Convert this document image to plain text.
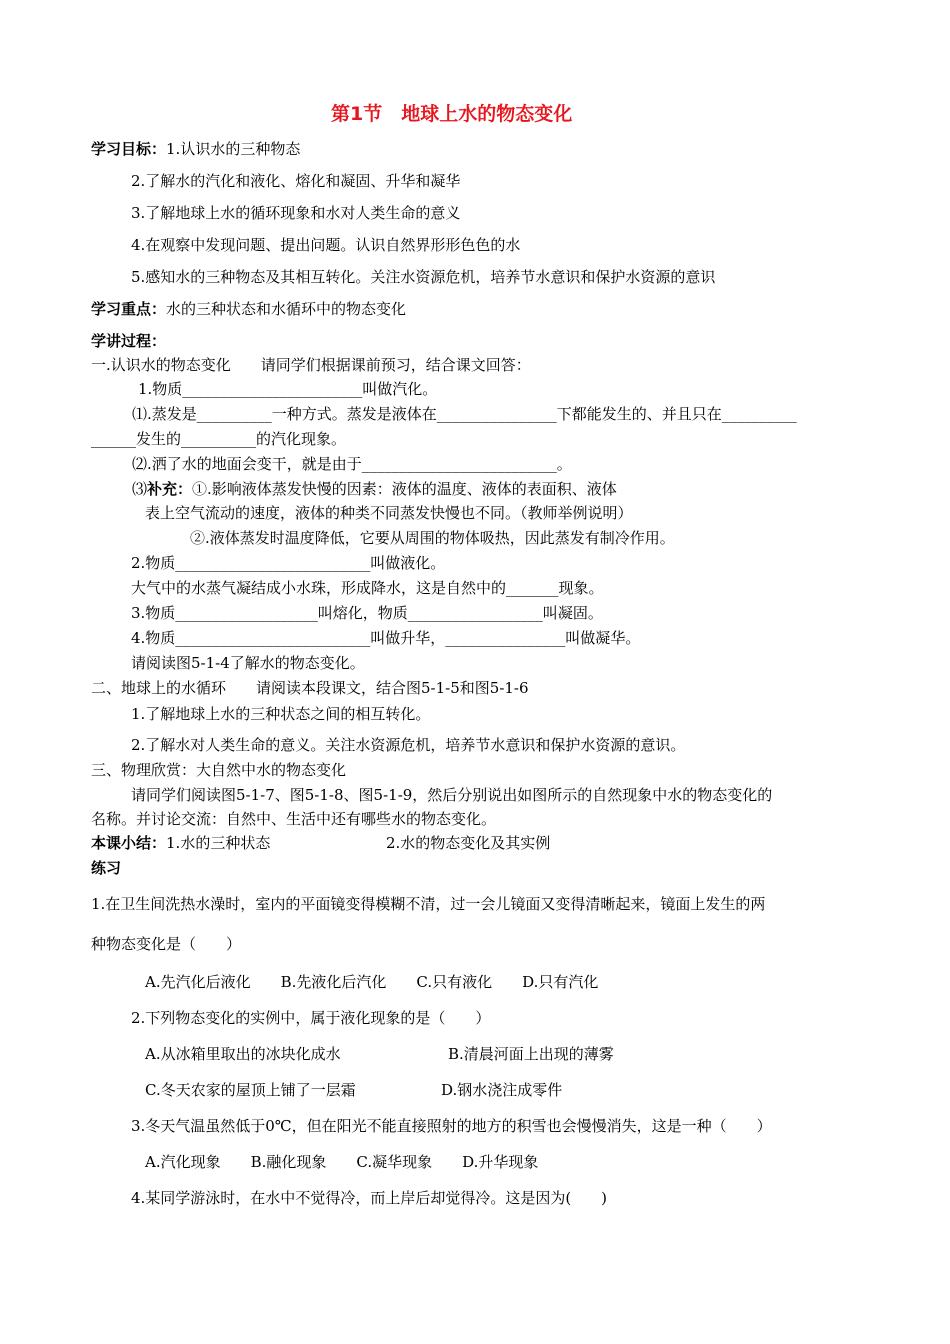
第1节　地球上水的物态变化
学习目标：1.认识水的三种物态
2.了解水的汽化和液化、熔化和凝固、升华和凝华
3.了解地球上水的循环现象和水对人类生命的意义
4.在观察中发现问题、提出问题。认识自然界形形色色的水
5.感知水的三种物态及其相互转化。关注水资源危机，培养节水意识和保护水资源的意识
学习重点：水的三种状态和水循环中的物态变化
学讲过程：
一.认识水的物态变化　　请同学们根据课前预习，结合课文回答：
1.物质________________________叫做汽化。
⑴.蒸发是__________一种方式。蒸发是液体在________________下都能发生的、并且只在__________
______发生的__________的汽化现象。
⑵.洒了水的地面会变干，就是由于__________________________。
⑶补充：①.影响液体蒸发快慢的因素：液体的温度、液体的表面积、液体
表上空气流动的速度，液体的种类不同蒸发快慢也不同。（教师举例说明）
②.液体蒸发时温度降低，它要从周围的物体吸热，因此蒸发有制冷作用。
2.物质__________________________叫做液化。
大气中的水蒸气凝结成小水珠，形成降水，这是自然中的_______现象。
3.物质___________________叫熔化，物质__________________叫凝固。
4.物质__________________________叫做升华，________________叫做凝华。
请阅读图5-1-4了解水的物态变化。
二、地球上的水循环　　请阅读本段课文，结合图5-1-5和图5-1-6
1.了解地球上水的三种状态之间的相互转化。
2.了解水对人类生命的意义。关注水资源危机，培养节水意识和保护水资源的意识。
三、物理欣赏：大自然中水的物态变化
请同学们阅读图5-1-7、图5-1-8、图5-1-9，然后分别说出如图所示的自然现象中水的物态变化的
名称。并讨论交流：自然中、生活中还有哪些水的物态变化。
本课小结：1.水的三种状态	2.水的物态变化及其实例
练习
1.在卫生间洗热水澡时，室内的平面镜变得模糊不清，过一会儿镜面又变得清晰起来，镜面上发生的两
种物态变化是（　　）
A.先汽化后液化　　B.先液化后汽化　　C.只有液化　　D.只有汽化
2.下列物态变化的实例中，属于液化现象的是（　　）
A.从冰箱里取出的冰块化成水	B.清晨河面上出现的薄雾
C.冬天农家的屋顶上铺了一层霜	D.钢水浇注成零件
3.冬天气温虽然低于0℃，但在阳光不能直接照射的地方的积雪也会慢慢消失，这是一种（　　）
A.汽化现象　　B.融化现象　　C.凝华现象　　D.升华现象
4.某同学游泳时，在水中不觉得冷，而上岸后却觉得冷。这是因为(　　)
